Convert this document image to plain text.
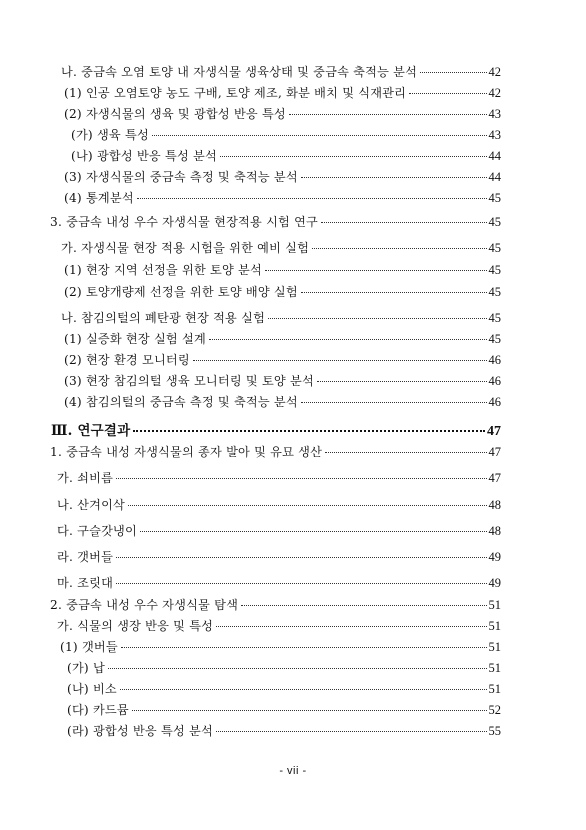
나. 중금속 오염 토양 내 자생식물 생육상태 및 중금속 축적능 분석	42
(1) 인공 오염토양 농도 구배, 토양 제조, 화분 배치 및 식재관리	42
(2) 자생식물의 생육 및 광합성 반응 특성	43
(가) 생육 특성	43
(나) 광합성 반응 특성 분석	44
(3) 자생식물의 중금속 측정 및 축적능 분석	44
(4) 통계분석	45
3. 중금속 내성 우수 자생식물 현장적용 시험 연구	45
가. 자생식물 현장 적용 시험을 위한 예비 실험	45
(1) 현장 지역 선정을 위한 토양 분석	45
(2) 토양개량제 선정을 위한 토양 배양 실험	45
나. 참김의털의 폐탄광 현장 적용 실험	45
(1) 실증화 현장 실험 설계	45
(2) 현장 환경 모니터링	46
(3) 현장 참김의털 생육 모니터링 및 토양 분석	46
(4) 참김의털의 중금속 측정 및 축적능 분석	46
Ⅲ. 연구결과	47
1. 중금속 내성 자생식물의 종자 발아 및 유묘 생산	47
가. 쇠비름	47
나. 산겨이삭	48
다. 구슬갓냉이	48
라. 갯버들	49
마. 조릿대	49
2. 중금속 내성 우수 자생식물 탐색	51
가. 식물의 생장 반응 및 특성	51
(1) 갯버들	51
(가) 납	51
(나) 비소	51
(다) 카드뮴	52
(라) 광합성 반응 특성 분석	55
- vii -
